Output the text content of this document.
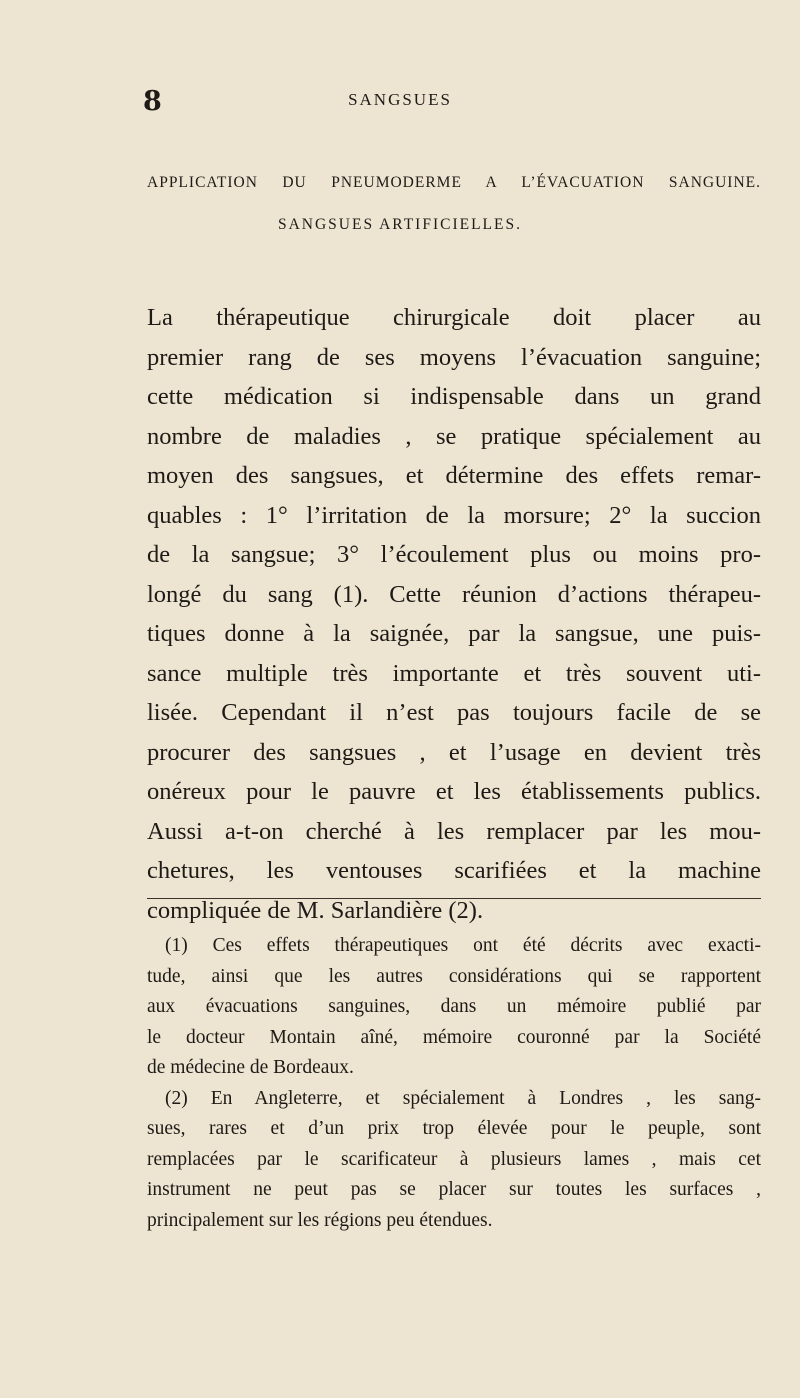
8	SANGSUES
APPLICATION DU PNEUMODERME A L’ÉVACUATION SANGUINE.
SANGSUES ARTIFICIELLES.
La thérapeutique chirurgicale doit placer au
premier rang de ses moyens l’évacuation sanguine;
cette médication si indispensable dans un grand
nombre de maladies , se pratique spécialement au
moyen des sangsues, et détermine des effets remar-
quables : 1° l’irritation de la morsure; 2° la succion
de la sangsue; 3° l’écoulement plus ou moins pro-
longé du sang (1). Cette réunion d’actions thérapeu-
tiques donne à la saignée, par la sangsue, une puis-
sance multiple très importante et très souvent uti-
lisée. Cependant il n’est pas toujours facile de se
procurer des sangsues , et l’usage en devient très
onéreux pour le pauvre et les établissements publics.
Aussi a-t-on cherché à les remplacer par les mou-
chetures, les ventouses scarifiées et la machine
compliquée de M. Sarlandière (2).
(1) Ces effets thérapeutiques ont été décrits avec exacti-
tude, ainsi que les autres considérations qui se rapportent
aux évacuations sanguines, dans un mémoire publié par
le docteur Montain aîné, mémoire couronné par la Société
de médecine de Bordeaux.
(2) En Angleterre, et spécialement à Londres , les sang-
sues, rares et d’un prix trop élevée pour le peuple, sont
remplacées par le scarificateur à plusieurs lames , mais cet
instrument ne peut pas se placer sur toutes les surfaces ,
principalement sur les régions peu étendues.
